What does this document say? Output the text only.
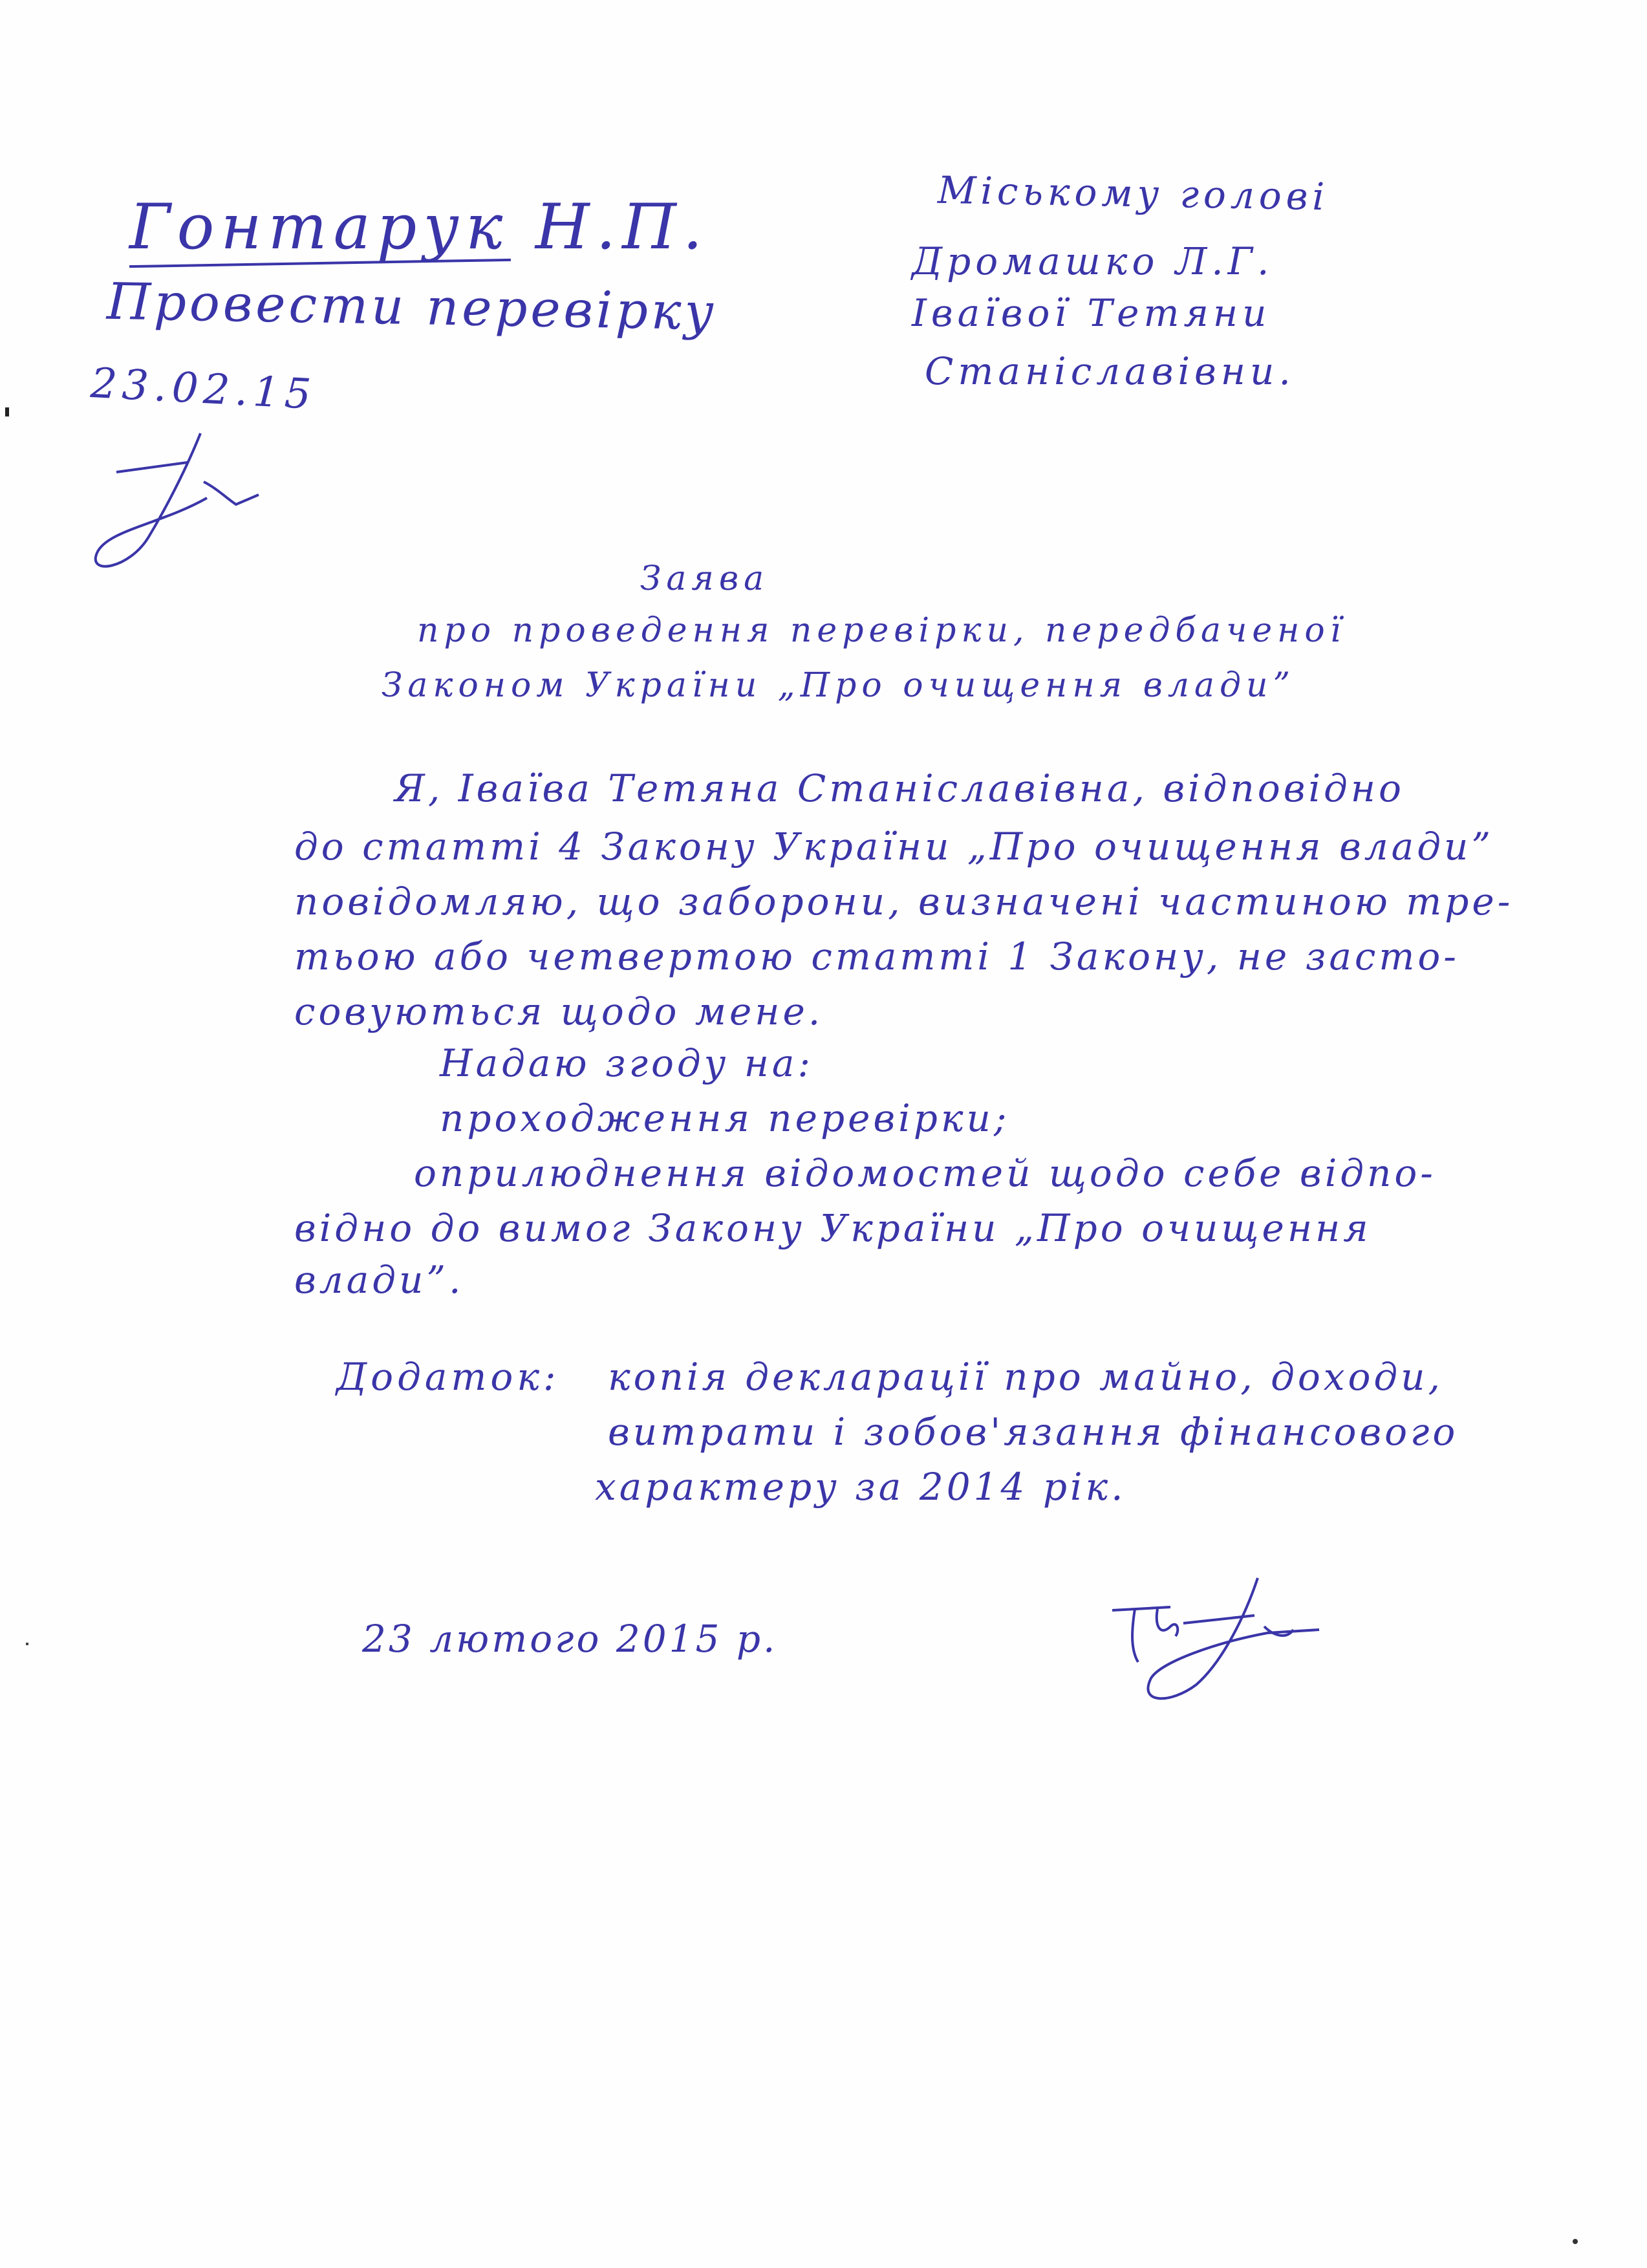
Гонтарук Н.П.
Провести перевірку
23.02.15
Міському голові
Дромашко Л.Г.
Іваївої Тетяни
Станіславівни.
Заява
про проведення перевірки, передбаченої
Законом України „Про очищення влади”
Я, Іваїва Тетяна Станіславівна, відповідно
до статті 4 Закону України „Про очищення влади”
повідомляю, що заборони, визначені частиною тре-
тьою або четвертою статті 1 Закону, не засто-
совуються щодо мене.
Надаю згоду на:
проходження перевірки;
оприлюднення відомостей щодо себе відпо-
відно до вимог Закону України „Про очищення
влади”.
Додаток: копія декларації про майно, доходи,
витрати і зобов'язання фінансового
характеру за 2014 рік.
23 лютого 2015 р.
